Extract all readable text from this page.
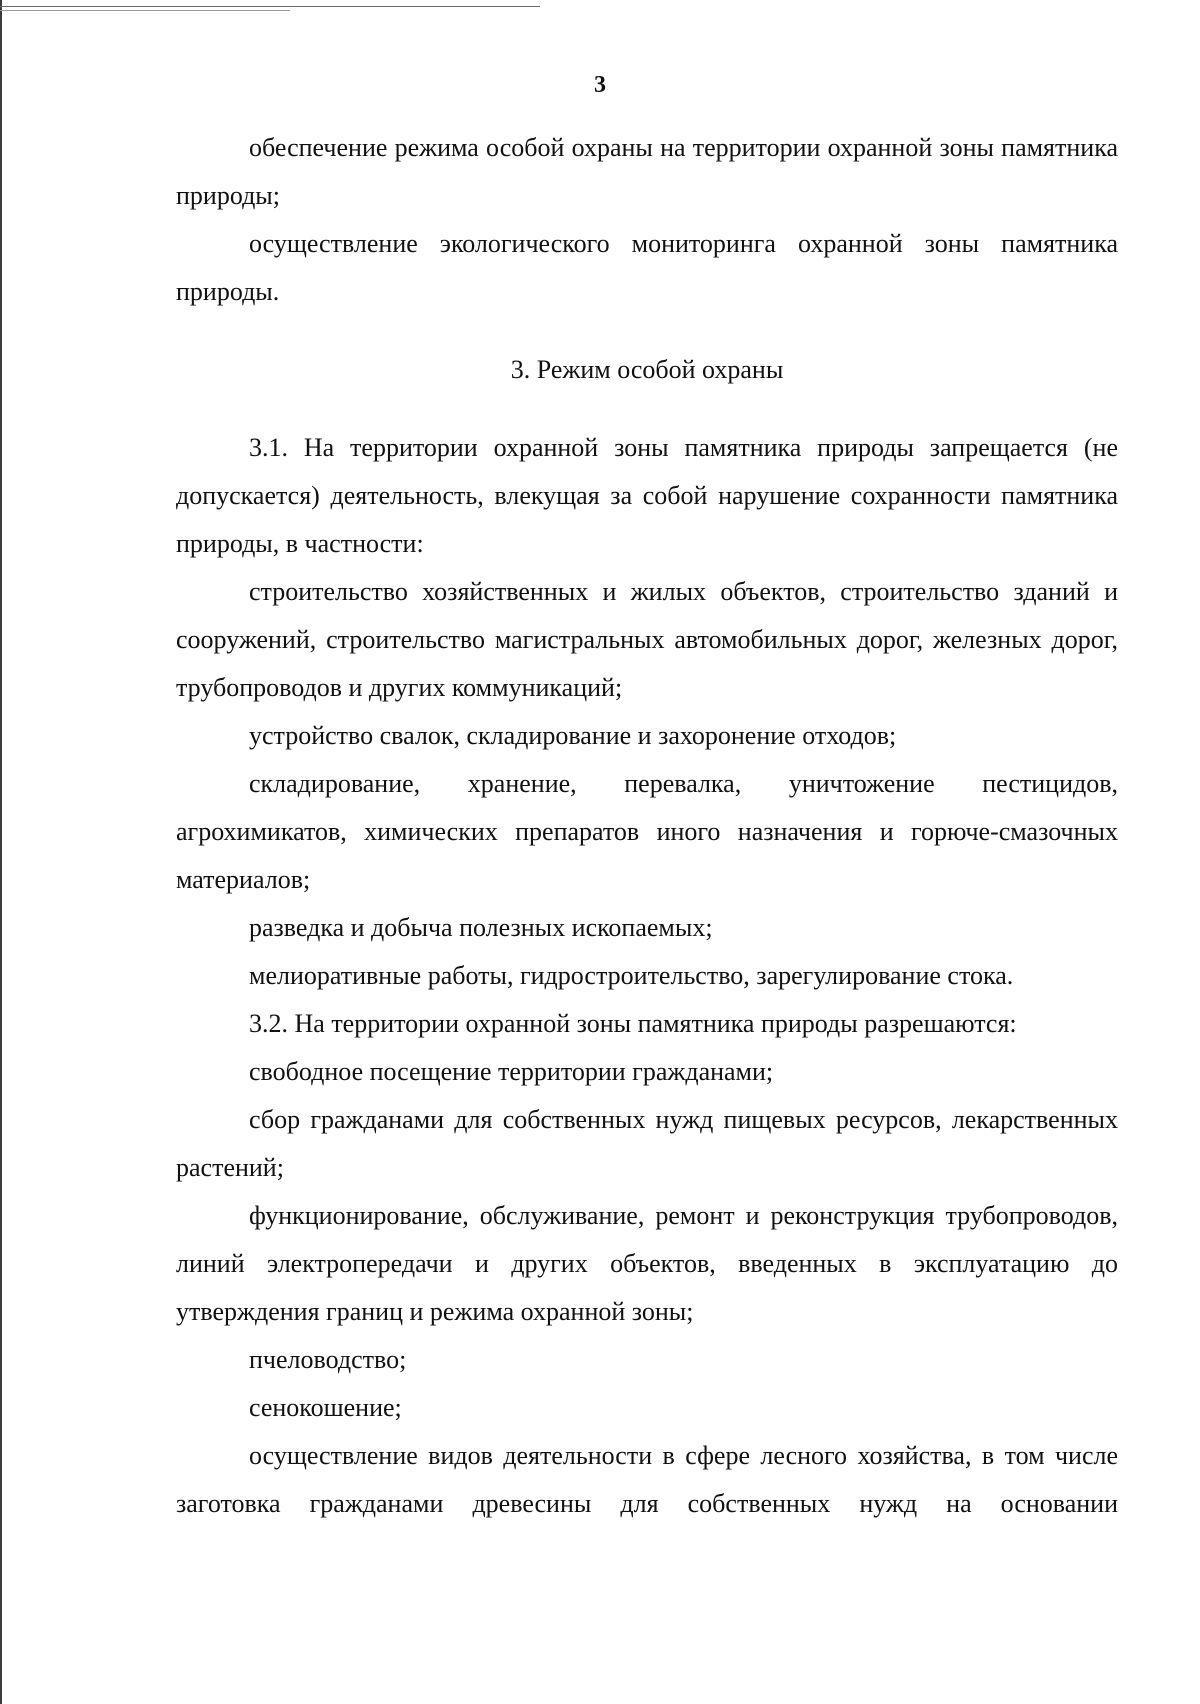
3

обеспечение режима особой охраны на территории охранной зоны памятника природы;

осуществление экологического мониторинга охранной зоны памятника природы.

3. Режим особой охраны

3.1. На территории охранной зоны памятника природы запрещается (не допускается) деятельность, влекущая за собой нарушение сохранности памятника природы, в частности:

строительство хозяйственных и жилых объектов, строительство зданий и сооружений, строительство магистральных автомобильных дорог, железных дорог, трубопроводов и других коммуникаций;

устройство свалок, складирование и захоронение отходов;

складирование, хранение, перевалка, уничтожение пестицидов, агрохимикатов, химических препаратов иного назначения и горюче-смазочных материалов;

разведка и добыча полезных ископаемых;

мелиоративные работы, гидростроительство, зарегулирование стока.

3.2. На территории охранной зоны памятника природы разрешаются:

свободное посещение территории гражданами;

сбор гражданами для собственных нужд пищевых ресурсов, лекарственных растений;

функционирование, обслуживание, ремонт и реконструкция трубопроводов, линий электропередачи и других объектов, введенных в эксплуатацию до утверждения границ и режима охранной зоны;

пчеловодство;

сенокошение;

осуществление видов деятельности в сфере лесного хозяйства, в том числе заготовка гражданами древесины для собственных нужд на основании
